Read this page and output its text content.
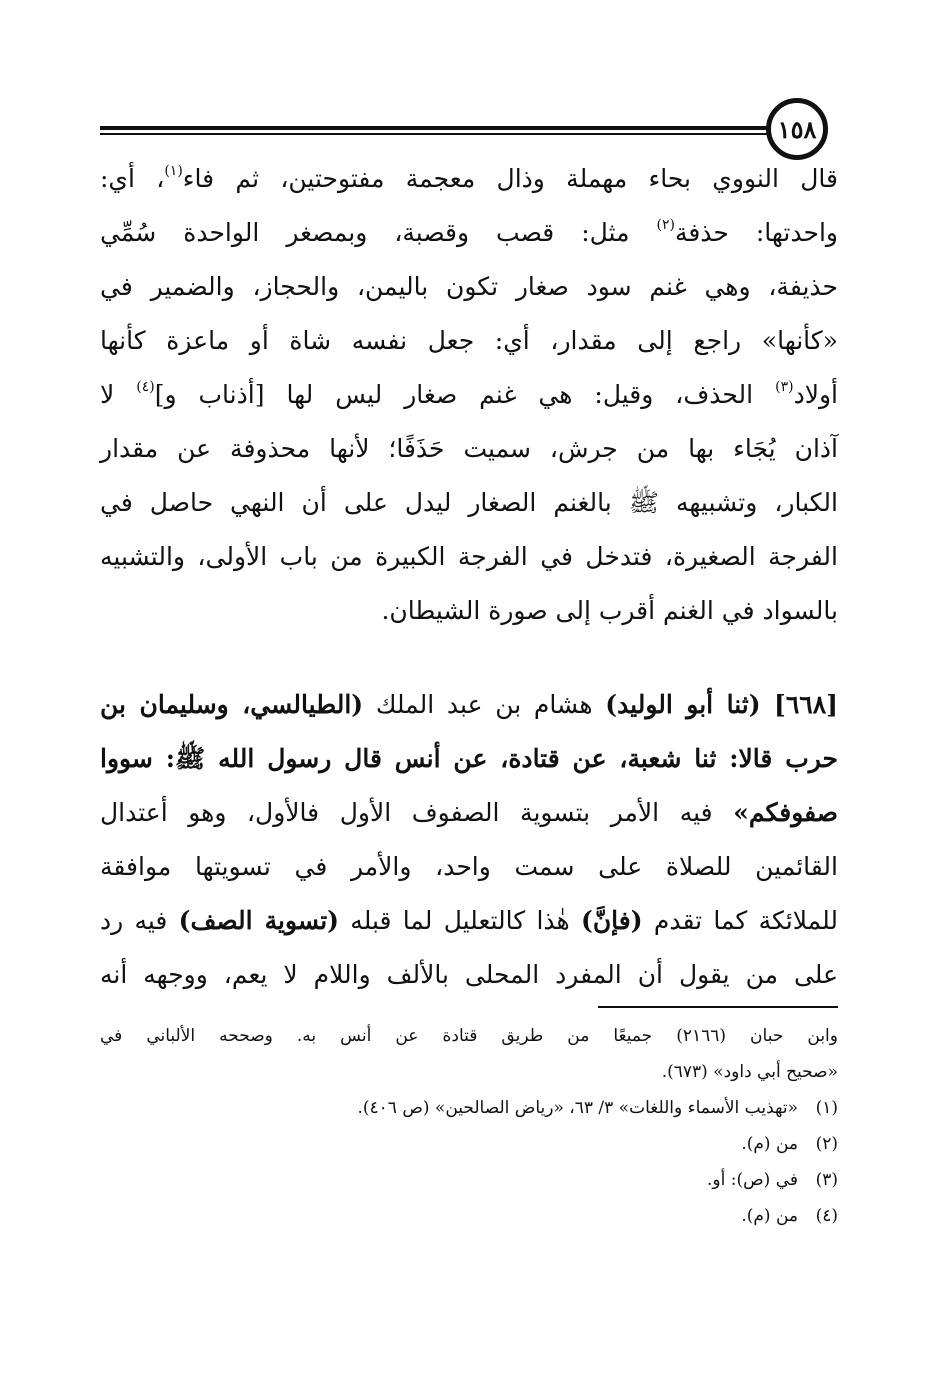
١٥٨
قال النووي بحاء مهملة وذال معجمة مفتوحتين، ثم فاء$^{(١)}$، أي:
واحدتها: حذفة$^{(٢)}$ مثل: قصب وقصبة، وبمصغر الواحدة سُمِّي
حذيفة، وهي غنم سود صغار تكون باليمن، والحجاز، والضمير في
«كأنها» راجع إلى مقدار، أي: جعل نفسه شاة أو ماعزة كأنها
أولاد$^{(٣)}$ الحذف، وقيل: هي غنم صغار ليس لها [أذناب و]$^{(٤)}$ لا
آذان يُجَاء بها من جرش، سميت حَذَفًا؛ لأنها محذوفة عن مقدار
الكبار، وتشبيهه ﷺ بالغنم الصغار ليدل على أن النهي حاصل في
الفرجة الصغيرة، فتدخل في الفرجة الكبيرة من باب الأولى، والتشبيه
بالسواد في الغنم أقرب إلى صورة الشيطان.
[٦٦٨] (ثنا أبو الوليد) هشام بن عبد الملك (الطيالسي، وسليمان بن
حرب قالا: ثنا شعبة، عن قتادة، عن أنس قال رسول الله ﷺ: سووا
صفوفكم» فيه الأمر بتسوية الصفوف الأول فالأول، وهو أعتدال
القائمين للصلاة على سمت واحد، والأمر في تسويتها موافقة
للملائكة كما تقدم (فإنَّ) هٰذا كالتعليل لما قبله (تسوية الصف) فيه رد
على من يقول أن المفرد المحلى بالألف واللام لا يعم، ووجهه أنه
وابن حبان (٢١٦٦) جميعًا من طريق قتادة عن أنس به. وصححه الألباني في
«صحيح أبي داود» (٦٧٣).
(١)«تهذيب الأسماء واللغات» ٣/ ٦٣، «رياض الصالحين» (ص ٤٠٦).
(٢)من (م).
(٣)في (ص): أو.
(٤)من (م).
